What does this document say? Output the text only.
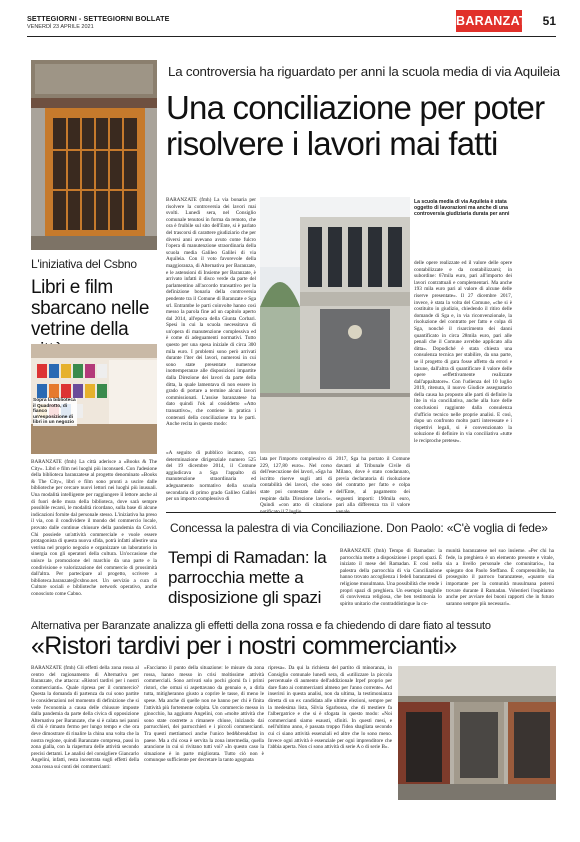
SETTEGIORNI - SETTEGIORNI BOLLATE
VENERDÌ 23 APRILE 2021	BARANZATE 51
La controversia ha riguardato per anni la scuola media di via Aquileia
Una conciliazione per poter
risolvere i lavori mai fatti
BARANZATE (fmh) La via bonaria per risolvere la controversia dei lavori mai svolti. Lunedì sera, nel Consiglio comunale tenutosi in forma da remoto, che ora è fruibile sul sito dell'Ente, si è parlato del trascorsi di carattere giudiziario che per diversi anni avevano avuto come fulcro l'opera di manutenzione straordinaria della scuola media Galileo Galilei di via Aquileia. Con il voto favorevole della maggioranza, di Alternativa per Baranzate, e le astensioni di Insieme per Baranzate, è arrivato infatti il disco verde da parte del parlamentino all'accordo transattivo per la definizione bonaria della controversia pendente tra il Comune di Baranzate e Sga srl. Entrambe le parti coinvolte hanno così messo la parola fine ad un capitolo aperto dal 2014, all'epoca della Giunta Corbari. Spesi in cui la scuola necessitava di un'opera di manutenzione complessiva ed è come di adeguamenti normativi. Tutto questo per una spesa iniziale di circa 300 mila euro. I problemi sono però arrivati durante l'iter dei lavori, numerosi in cui sono state presentate numerose inottemperanze alle disposizioni impartite dalla Direzione dei lavori da parte della ditta, la quale lamentava di non essere in grado di portare a termine alcuni lavori commissionati. L'assise baranzatese ha dato quindi l'ok al cosiddetto «Atto transattivo», che contiene in pratica i contenuti della conciliazione tra le parti. Anche recita in questo modo:
«A seguito di pubblico incanto, con determinazione dirigenziale numero 525 del 19 dicembre 2014, il Comune aggiudicava a Sga l'appalto di manutenzione straordinaria ed adeguamento normativo della scuola secondaria di primo grado Galileo Galilei per un importo complessivo di
lata per l'importo complessivo di 229, 127,80 euro». Nel corso dell'esecuzione dei lavori, «Sga ha iscritto riserve sugli atti di contabilità dei lavori, che sono state poi contestate dalle e respinte dalla Direzione lavori». Quindi «con atto di citazione
2017, Sga ha portato il Comune davanti al Tribunale Civile di Milano, dove è stato condannato, previa declaratoria di risoluzione del contratto per fatto e colpa dell'Ente, al pagamento dei seguenti importi: 190mila euro, pari alla differenza tra il valore
La scuola media di via Aquileia è stata oggetto di lavorazioni ma anche di una controversia giudiziaria durata per anni
delle opere realizzate ed il valore delle opere contabilizzate e da contabilizzarsi; in subordine: 67mila euro, pari all'importo dei lavori contrattuali e complementari. Ma anche 193 mila euro pari al valore di alcune delle riserve presentate». Il 27 dicembre 2017, invece, è stata la volta del Comune, «che si è costituito in giudizio, chiedendo il ritiro delle domande di Sga e, in via riconvenzionale, la risoluzione del contratto per fatto e colpa di Sga, nonché il risarcimento dei danni quantificato in circa 28mila euro, pari alle penali che il Comune avrebbe applicato alla ditta». Dopodiché è stata chiesta una consulenza tecnica per stabilire, da una parte, se il progetto di gara fosse affetto da errori e lacune, dall'altra di quantificare il valore delle opere «effettivamente realizzate dall'appaltatore». Con l'udienza del 10 luglio 2019, ritenuta, il nuovo Giudice assegnatario della causa ha proposto alle parti di definire la lite in via conciliativa, anche alla luce delle conclusioni raggiunte dalla consulenza d'ufficio tecnico nelle proprie analisi. E così, dopo un confronto molto parti interessate e i rispettivi legali, si è convenzionato la soluzione di definire in via conciliativa «tutte le reciproche pretese».
L'iniziativa del Csbno
Libri e film sbarcano nelle vetrine della
Sopra la biblioteca il Quadrotto, di fianco un'esposizione di libri in un negozio
BARANZATE (fmh) La città aderisce a «Books & The City». Libri e film nei luoghi più inconsueti. Con l'adesione della biblioteca baranzatese al progetto denominato «Books & The City», libri e film sono pronti a uscire dalle biblioteche per cercare nuovi lettori nei luoghi più inusuali. Una modalità intelligente per raggiungere il lettore anche al di fuori delle mura della biblioteca, dove sarà sempre possibile recarsi, le modalità ricordano, sulla base di alcune indicazioni fornite dal personale stesso. L'iniziativa ha preso il via, con il condividere il mondo del commercio locale, provato dalle continue chiusure della pandemia da Covid. Chi possiede un'attività commerciale e vuole essere protagonista di questa nuova sfida, potrà infatti allestire una vetrina nel proprio negozio e organizzare un laboratorio in sinergia con gli operatori della cultura. Un'occasione che unisce la promozione del marchio da una parte e la condivisione e valorizzazione del commercio di prossimità dall'altra. Per partecipare al progetto, scrivere a biblioteca.baranzate@csbno.net. Un servizio a cura di Culture sociali e biblioteche network operativo, anche conosciuto come Cabno.
Concessa la palestra di via Conciliazione. Don Paolo: «C'è voglia di fede»
Tempi di Ramadan: la parrocchia mette a disposizione gli spazi
BARANZATE (fmh) Tempo di Ramadan: la parrocchia mette a disposizione i propri spazi. È iniziato il mese del Ramadan. E così nella palestra della parrocchia di via Conciliazione hanno trovato accoglienza i fedeli baranzatesi di religione musulmana. Una possibilità che rende i propri spazi di preghiera. Un esempio tangibile di convivenza religiosa, che ben testimonia lo spirito unitario che contraddistingue la co-
munità baranzatese nel suo insieme. «Per chi ha fede, la preghiera è un elemento presente e vitale, sia a livello personale che comunitario», ha spiegato don Paolo Steffano. È comprensibile, ha proseguito il parroco baranzatese, «quanto sia importante per la comunità musulmana potersi trovare durante il Ramadan. Volentieri l'ospitiamo anche per avviare dei buoni rapporti che in futuro saranno sempre più necessari».
Alternativa per Baranzate analizza gli effetti della zona rossa e fa chiedendo di dare fiato al tessuto
«Ristori tardivi per i nostri commercianti»
BARANZATE (fmh) Gli effetti della zona rossa al centro del ragionamento di Alternativa per Baranzate, che attacca: «Ristori tardivi per i nostri commercianti». Quale ripresa per il commercio? Questa la domanda di partenza da cui sono partite le considerazioni nel momento di definizione che si vede l'economia a causa delle chiusure imposte dalla pandemia da parte della civica di opposizione Alternativa per Baranzate, che si è calata nei panni di chi è rimasto fermo per lungo tempo e che ora deve dimostrare di rinalire la china una volta che la nostra regione, quindi Baranzate compresa, passi in zona gialla, con la riapertura delle attività secondo precisi dettami. Le analisi del consigliere Giancarlo Angelini, infatti, resta incentrata sugli effetti della zona rossa sui conti dei commercianti:
«Facciamo il punto della situazione: le misure da zona rossa, hanno messo in crisi moltissime attività commerciali. Sono arrivati solo pochi giorni fa i primi ristori, che ormai si aspettavano da gennaio e, a dirla tutta, mitigheranno giusto a coprire le tasse, di meno le spese. Ma anche di quelle non ne hanno per chi è finita l'attività più fortemente colpita. Un commercio messo in ginocchio, ha aggiunto Angelini, con «molte attività che sono state costrette a rimanere chiuse, iniziando dai parrucchieri, dei parrucchieri e i piccoli commercianti. Tra questi mettiamoci anche l'unico bed&breakfast in paese. Ma a chi cosa è servita la zona intermedia, quella arancione in cui si rivitano tutti voi? «In questo caso la situazione è in parte migliorata. Tutto ciò non è comunque sufficiente per decretare la tanto agognata
ripresa». Da qui la richiesta del partito di minoranza, in Consiglio comunale lunedì sera, di «utilizzare la piccola percentuale di aumento dell'addizionale Irpef proprio per dare fiato ai commercianti almeno per l'anno corrente». Ad inserirsi in questa analisi, non da ultima, la testimonianza diretta di un ex candidata alle ultime elezioni, sempre per la medesima lista, Silvia Sgarbossa, che di mestiere fa l'albergatrice e che si è sfogata in questo modo: «Noi commercianti siamo esausti, sfiniti. In questi mesi, e nell'ultimo anno, è passata troppo l'idea sbagliata secondo cui ci siano attività essenziali ed altre che lo sono meno. Invece ogni attività è essenziale per ogni imprenditore che l'abbia aperta. Non ci sono attività di serie A o di serie B».
